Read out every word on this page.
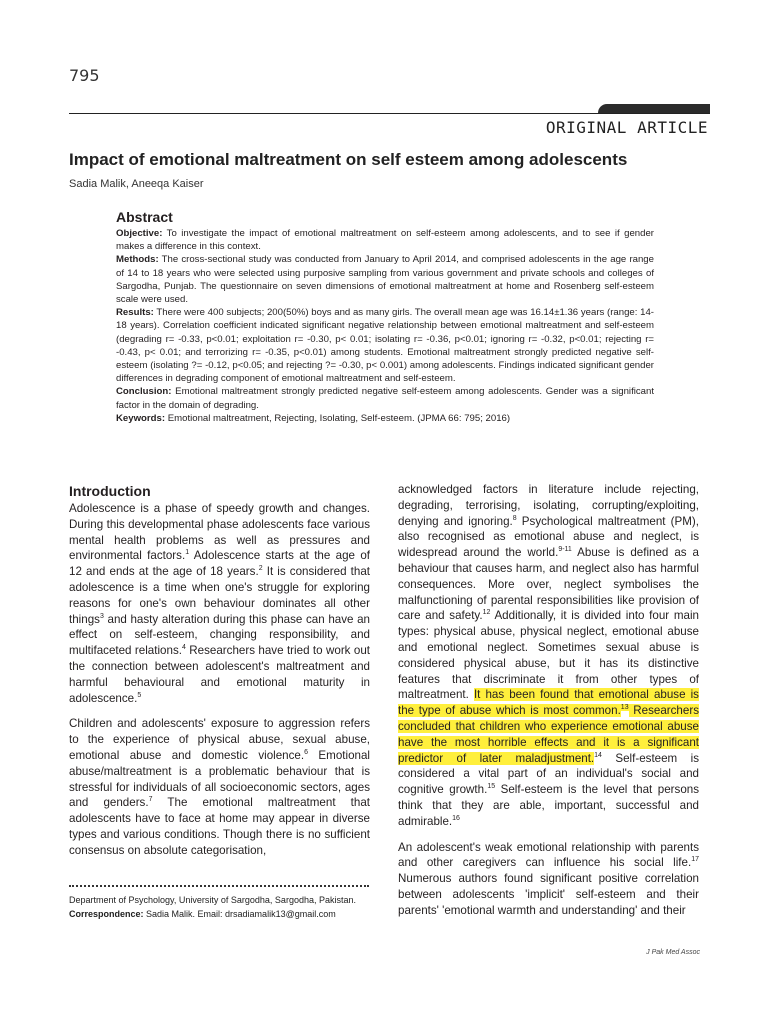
795
ORIGINAL ARTICLE
Impact of emotional maltreatment on self esteem among adolescents
Sadia Malik, Aneeqa Kaiser
Abstract

Objective: To investigate the impact of emotional maltreatment on self-esteem among adolescents, and to see if gender makes a difference in this context.

Methods: The cross-sectional study was conducted from January to April 2014, and comprised adolescents in the age range of 14 to 18 years who were selected using purposive sampling from various government and private schools and colleges of Sargodha, Punjab. The questionnaire on seven dimensions of emotional maltreatment at home and Rosenberg self-esteem scale were used.

Results: There were 400 subjects; 200(50%) boys and as many girls. The overall mean age was 16.14±1.36 years (range: 14-18 years). Correlation coefficient indicated significant negative relationship between emotional maltreatment and self-esteem (degrading r= -0.33, p<0.01; exploitation r= -0.30, p< 0.01; isolating r= -0.36, p<0.01; ignoring r= -0.32, p<0.01; rejecting r= -0.43, p< 0.01; and terrorizing r= -0.35, p<0.01) among students. Emotional maltreatment strongly predicted negative self-esteem (isolating ?= -0.12, p<0.05; and rejecting ?= -0.30, p< 0.001) among adolescents. Findings indicated significant gender differences in degrading component of emotional maltreatment and self-esteem.

Conclusion: Emotional maltreatment strongly predicted negative self-esteem among adolescents. Gender was a significant factor in the domain of degrading.

Keywords: Emotional maltreatment, Rejecting, Isolating, Self-esteem. (JPMA 66: 795; 2016)

Introduction

Adolescence is a phase of speedy growth and changes. During this developmental phase adolescents face various mental health problems as well as pressures and environmental factors.$^1$ Adolescence starts at the age of 12 and ends at the age of 18 years.$^2$ It is considered that adolescence is a time when one's struggle for exploring reasons for one's own behaviour dominates all other things$^3$ and hasty alteration during this phase can have an effect on self-esteem, changing responsibility, and multifaceted relations.$^4$ Researchers have tried to work out the connection between adolescent's maltreatment and harmful behavioural and emotional maturity in adolescence.$^5$

Children and adolescents' exposure to aggression refers to the experience of physical abuse, sexual abuse, emotional abuse and domestic violence.$^6$ Emotional abuse/maltreatment is a problematic behaviour that is stressful for individuals of all socioeconomic sectors, ages and genders.$^7$ The emotional maltreatment that adolescents have to face at home may appear in diverse types and various conditions. Though there is no sufficient consensus on absolute categorisation,

acknowledged factors in literature include rejecting, degrading, terrorising, isolating, corrupting/exploiting, denying and ignoring.$^8$ Psychological maltreatment (PM), also recognised as emotional abuse and neglect, is widespread around the world.$^{9-11}$ Abuse is defined as a behaviour that causes harm, and neglect also has harmful consequences. More over, neglect symbolises the malfunctioning of parental responsibilities like provision of care and safety.$^{12}$ Additionally, it is divided into four main types: physical abuse, physical neglect, emotional abuse and emotional neglect. Sometimes sexual abuse is considered physical abuse, but it has its distinctive features that discriminate it from other types of maltreatment. It has been found that emotional abuse is the type of abuse which is most common.$^{13}$ Researchers concluded that children who experience emotional abuse have the most horrible effects and it is a significant predictor of later maladjustment.$^{14}$ Self-esteem is considered a vital part of an individual's social and cognitive growth.$^{15}$ Self-esteem is the level that persons think that they are able, important, successful and admirable.$^{16}$

An adolescent's weak emotional relationship with parents and other caregivers can influence his social life.$^{17}$ Numerous authors found significant positive correlation between adolescents 'implicit' self-esteem and their parents' 'emotional warmth and understanding' and their

Department of Psychology, University of Sargodha, Sargodha, Pakistan.
Correspondence: Sadia Malik. Email: drsadiamalik13@gmail.com
J Pak Med Assoc
